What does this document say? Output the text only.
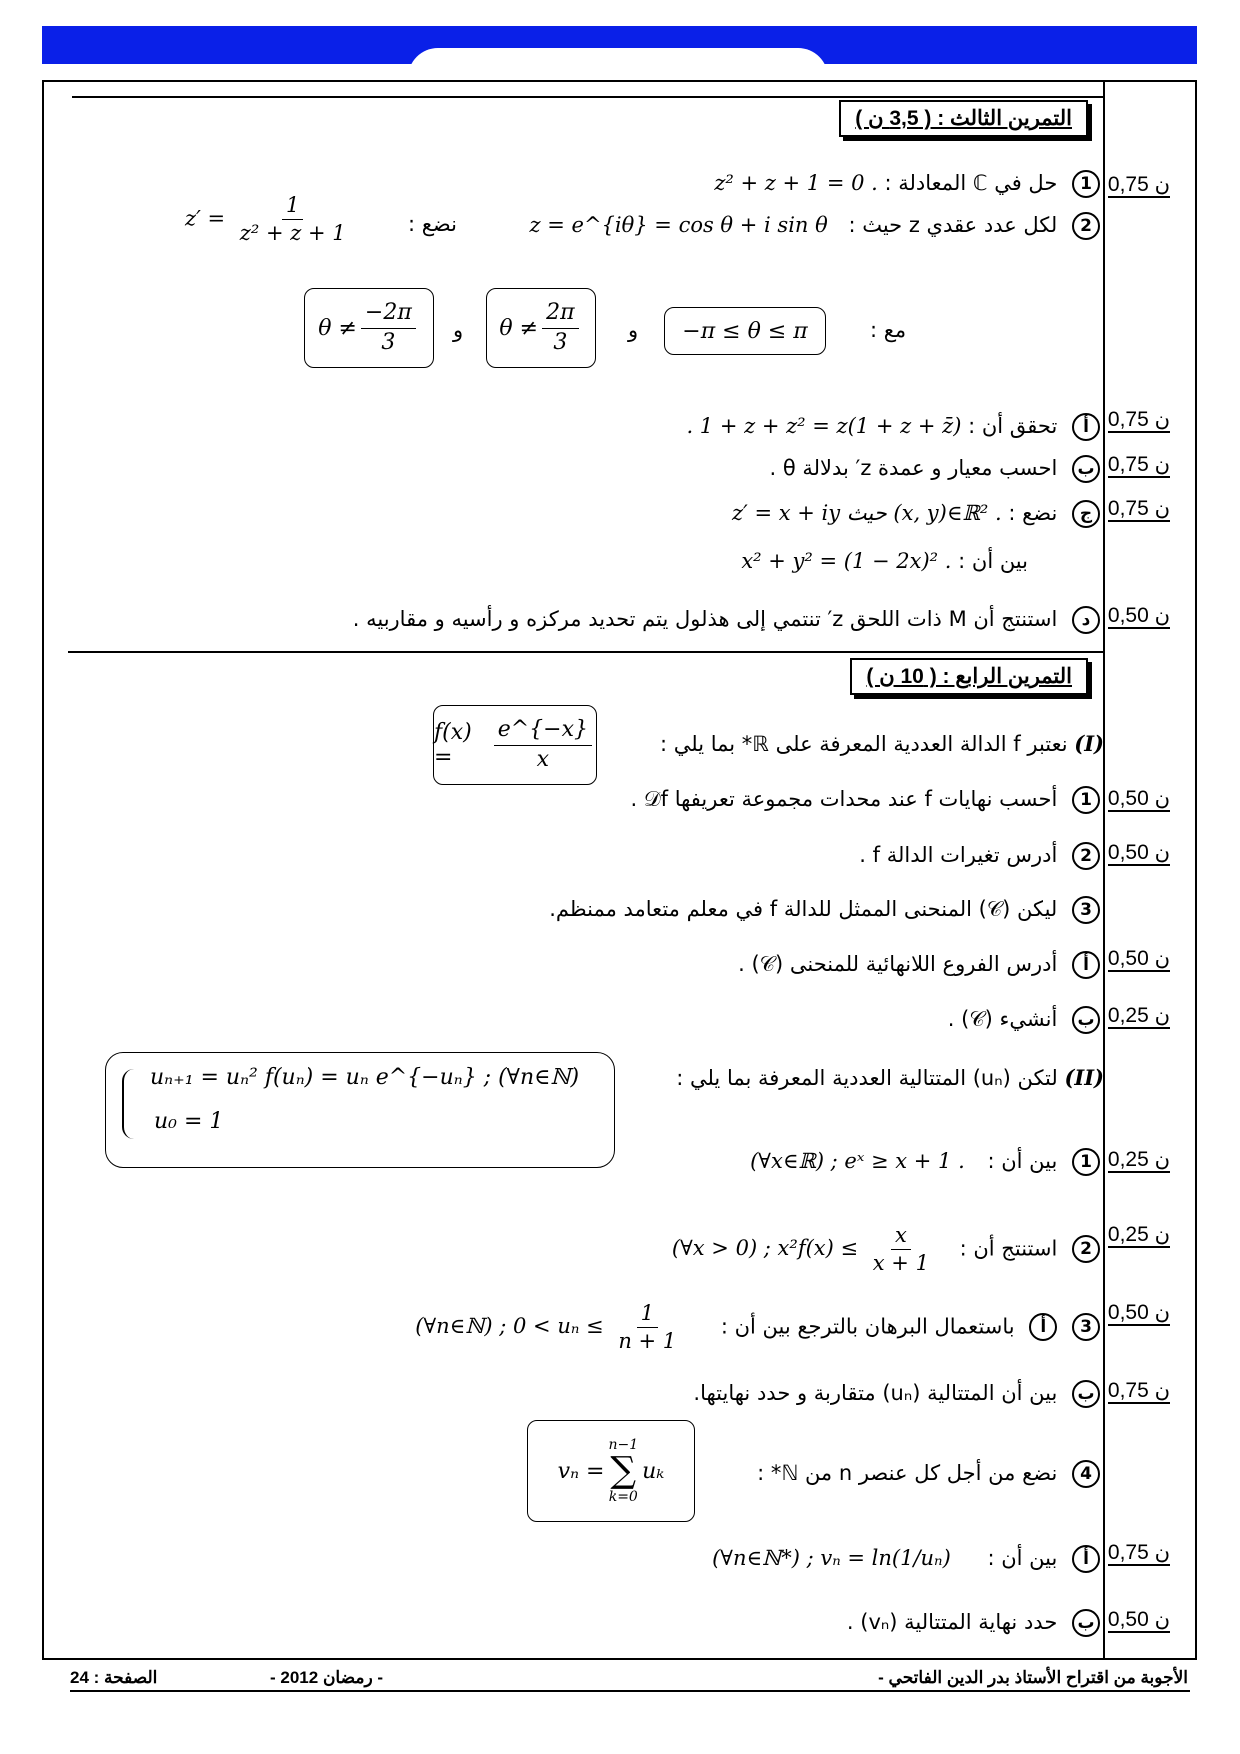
التمرين الثالث : ( 3,5 ن )
1 حل في ℂ المعادلة : z² + z + 1 = 0 .
2 لكل عدد عقدي z حيث : z = e^{iθ} = cos θ + i sin θ
نضع :
$z' = \frac{1}{\text{z² + z + 1}}$
مع :
−π ≤ θ ≤ π
و
$\theta \ne \frac{2\pi}{3}$
و
$\theta \ne \frac{-2\pi}{3}$
أ تحقق أن : . 1 + z + z² = z(1 + z + z̄)
ب احسب معيار و عمدة z′ بدلالة θ .
ج نضع : z′ = x + iy حيث (x, y)∈ℝ² .
بين أن : x² + y² = (1 − 2x)² .
د استنتج أن M ذات اللحق z′ تنتمي إلى هذلول يتم تحديد مركزه و رأسيه و مقاربيه .
التمرين الرابع : ( 10 ن )
(I) نعتبر f الدالة العددية المعرفة على ℝ* بما يلي :
f(x) =	$\frac{e\^{}\{-x\}}{x}$
1 أحسب نهايات f عند محدات مجموعة تعريفها 𝒟f .
2 أدرس تغيرات الدالة f .
3 ليكن (𝒞) المنحنى الممثل للدالة f في معلم متعامد ممنظم.
أ أدرس الفروع اللانهائية للمنحنى (𝒞) .
ب أنشيء (𝒞) .
(II) لتكن (uₙ) المتتالية العددية المعرفة بما يلي :
uₙ₊₁ = uₙ² f(uₙ) = uₙ e^{−uₙ} ; (∀n∈ℕ)
u₀ = 1
1 بين أن : (∀x∈ℝ) ; eˣ ≥ x + 1 .
2 استنتج أن : (∀x > 0) ; $x^2f(x) \le \frac{x}{x + 1}$
3 أ باستعمال البرهان بالترجع بين أن : (∀n∈ℕ) ; $0 < u_n \le \frac{1}{n + 1}$
ب بين أن المتتالية (uₙ) متقاربة و حدد نهايتها.
4 نضع من أجل كل عنصر n من ℕ* :
vₙ =
n−1
∑
k=0
uₖ
أ بين أن : (∀n∈ℕ*) ; vₙ = ln(1/uₙ)
ب حدد نهاية المتتالية (vₙ) .
0,75 ن
0,75 ن
0,75 ن
0,75 ن
0,50 ن
0,50 ن
0,50 ن
0,50 ن
0,25 ن
0,25 ن
0,25 ن
0,50 ن
0,75 ن
0,75 ن
0,50 ن
الأجوبة من اقتراح الأستاذ بدر الدين الفاتحي -
- رمضان 2012 -
الصفحة : 24
